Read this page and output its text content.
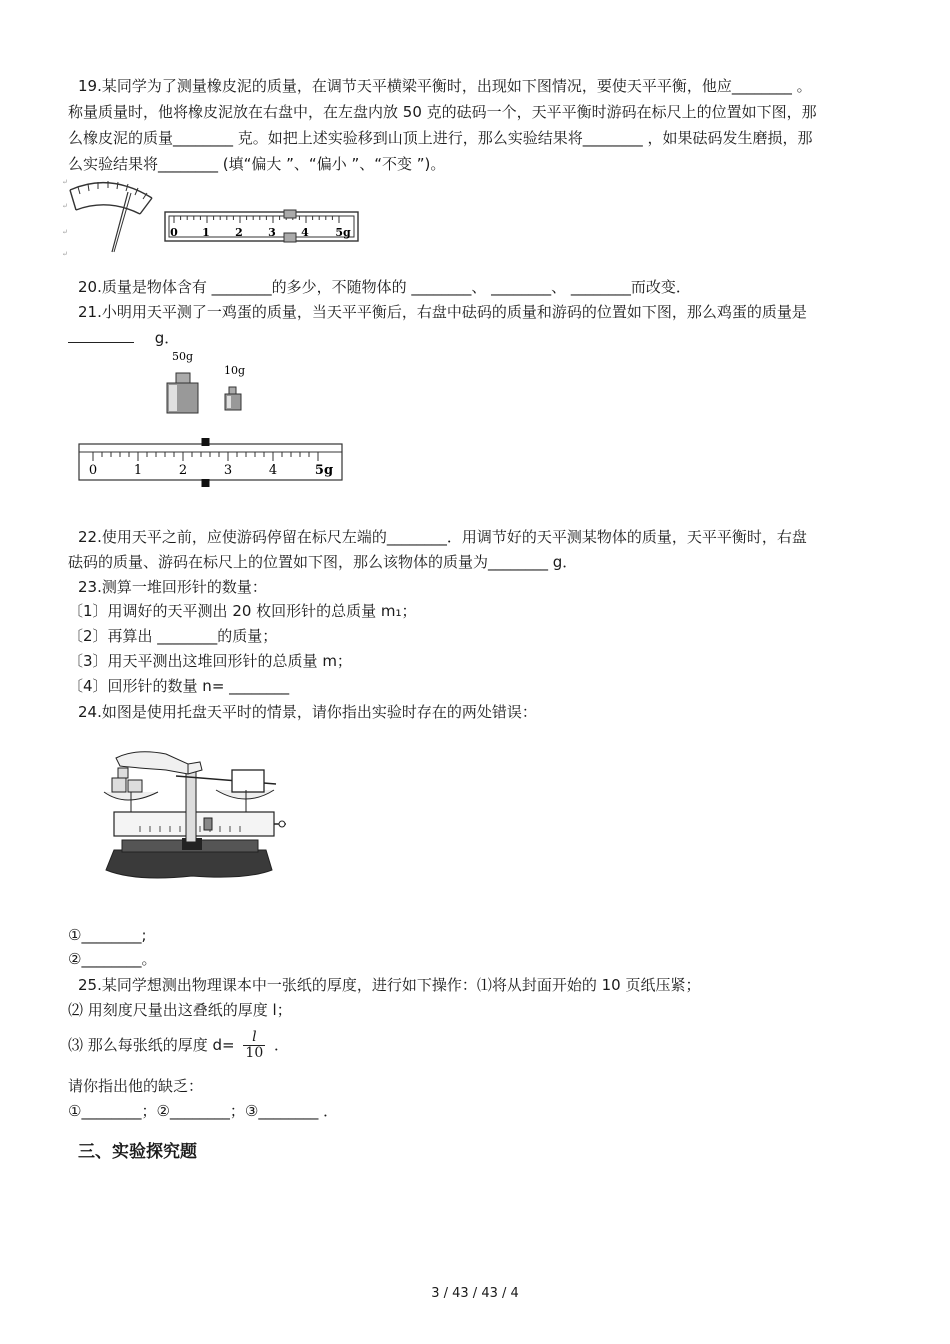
19.某同学为了测量橡皮泥的质量，在调节天平横梁平衡时，出现如下图情况，要使天平平衡，他应________ 。
称量质量时，他将橡皮泥放在右盘中，在左盘内放 50 克的砝码一个，天平平衡时游码在标尺上的位置如下图，那
么橡皮泥的质量________ 克。如把上述实验移到山顶上进行，那么实验结果将________ ，如果砝码发生磨损，那
么实验结果将________ (填“偏大 ”、“偏小 ”、“不变 ”)。
↵
↵
↵
↵
0 1 2 3 4 5g
20.质量是物体含有 ________的多少，不随物体的 ________、 ________、 ________而改变．
21.小明用天平测了一鸡蛋的质量，当天平平衡后，右盘中砝码的质量和游码的位置如下图，那么鸡蛋的质量是
g．
50g
10g
0	1	2	3	4	5g
22.使用天平之前，应使游码停留在标尺左端的________．用调节好的天平测某物体的质量，天平平衡时，右盘
砝码的质量、游码在标尺上的位置如下图，那么该物体的质量为________ g．
23.测算一堆回形针的数量：
〔1〕用调好的天平测出 20 枚回形针的总质量 m₁；
〔2〕再算出 ________的质量；
〔3〕用天平测出这堆回形针的总质量 m；
〔4〕回形针的数量 n= ________
24.如图是使用托盘天平时的情景，请你指出实验时存在的两处错误：
①________;
②________。
25.某同学想测出物理课本中一张纸的厚度，进行如下操作：⑴将从封面开始的 10 页纸压紧；
⑵ 用刻度尺量出这叠纸的厚度 l；
⑶ 那么每张纸的厚度 $d= \frac{l}{10}$ ．
请你指出他的缺乏：
①________；②________；③________ ．
三、实验探究题
3 / 43 / 43 / 4
